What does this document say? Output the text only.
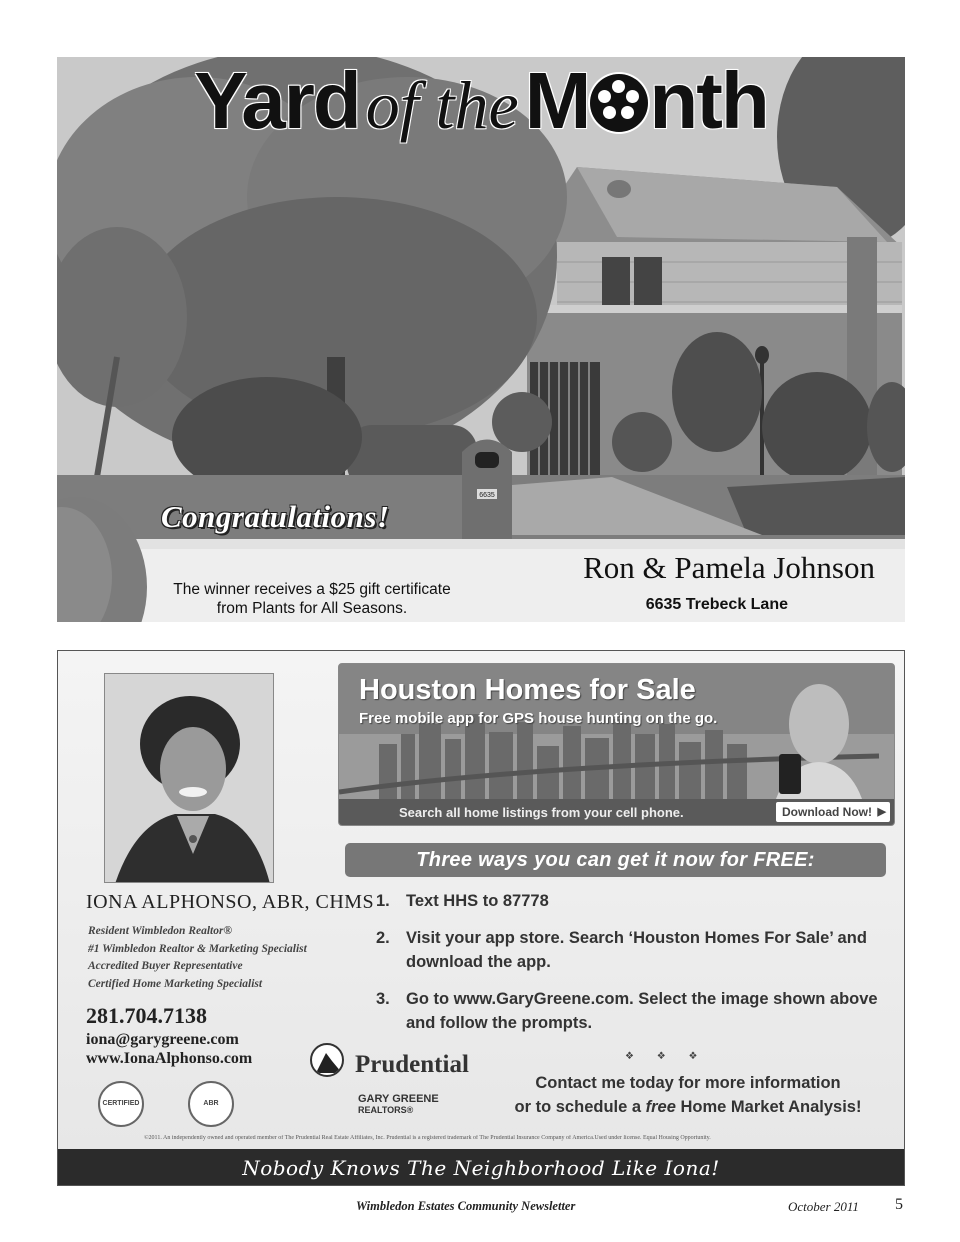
6635
Yardof theM nth
Congratulations!
The winner receives a $25 gift certificate
from Plants for All Seasons.
Ron & Pamela Johnson
6635 Trebeck Lane
IONA ALPHONSO, ABR, CHMS
Resident Wimbledon Realtor®
#1 Wimbledon Realtor & Marketing Specialist
Accredited Buyer Representative
Certified Home Marketing Specialist
281.704.7138
iona@garygreene.com
www.IonaAlphonso.com
CERTIFIED	ABR
Prudential
GARY GREENE
REALTORS®
Houston Homes for Sale
Free mobile app for GPS house hunting on the go.
Search all home listings from your cell phone.	Download Now! ▶
Three ways you can get it now for FREE:
1. Text HHS to 87778
2. Visit your app store. Search ‘Houston Homes For Sale’ and download the app.
3. Go to www.GaryGreene.com. Select the image shown above and follow the prompts.
❖ ❖ ❖
Contact me today for more information
or to schedule a free Home Market Analysis!
©2011. An independently owned and operated member of The Prudential Real Estate Affiliates, Inc. Prudential is a registered trademark of The Prudential Insurance Company of America.Used under license. Equal Housing Opportunity.
Nobody Knows The Neighborhood Like Iona!
Wimbledon Estates Community Newsletter	October 2011 5
